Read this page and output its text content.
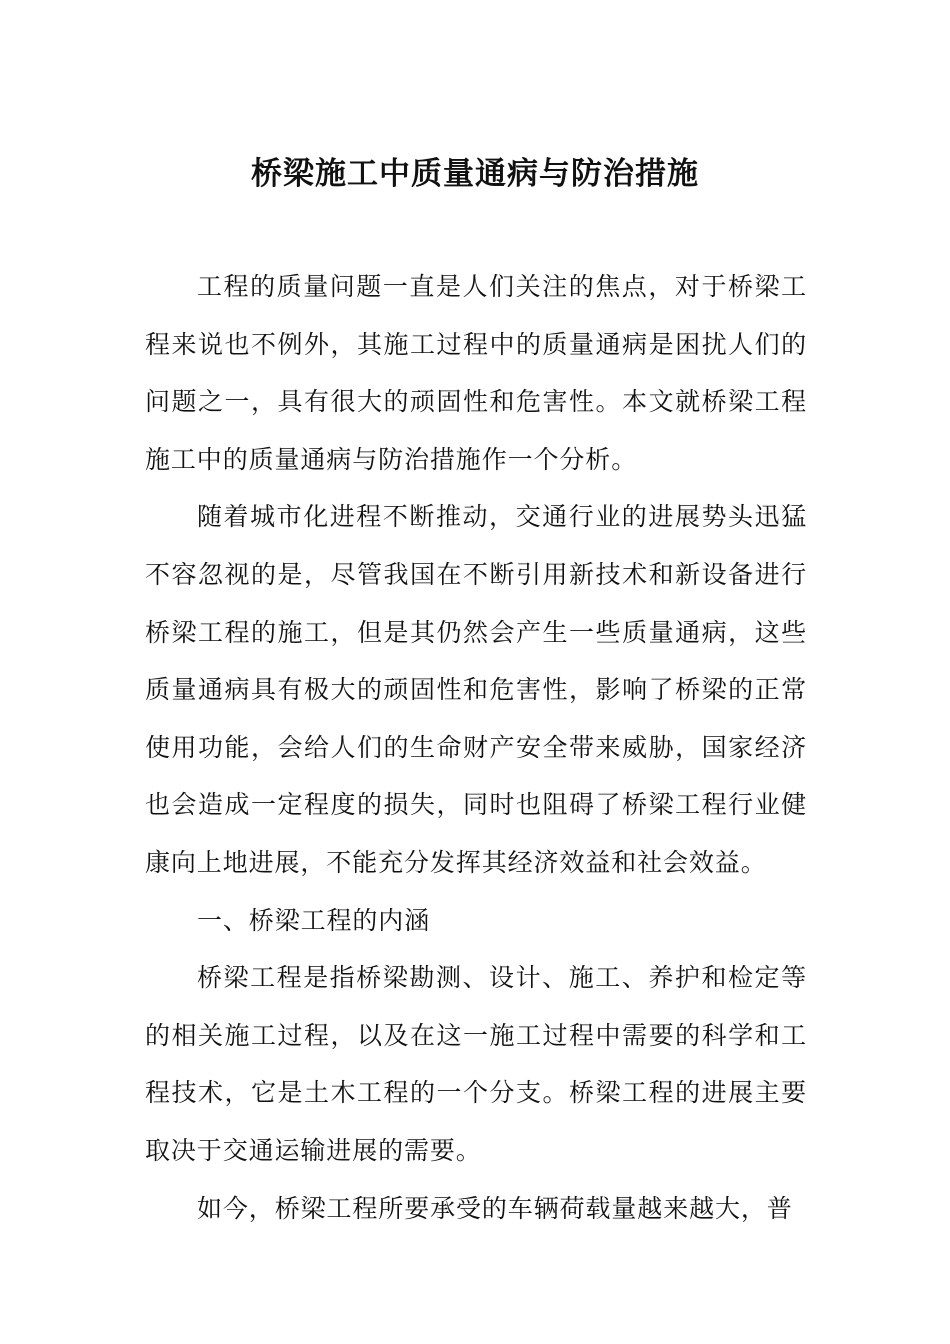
桥梁施工中质量通病与防治措施

工程的质量问题一直是人们关注的焦点，对于桥梁工程来说也不例外，其施工过程中的质量通病是困扰人们的问题之一，具有很大的顽固性和危害性。本文就桥梁工程施工中的质量通病与防治措施作一个分析。

随着城市化进程不断推动，交通行业的进展势头迅猛不容忽视的是，尽管我国在不断引用新技术和新设备进行桥梁工程的施工，但是其仍然会产生一些质量通病，这些质量通病具有极大的顽固性和危害性，影响了桥梁的正常使用功能，会给人们的生命财产安全带来威胁，国家经济也会造成一定程度的损失，同时也阻碍了桥梁工程行业健康向上地进展，不能充分发挥其经济效益和社会效益。

一、桥梁工程的内涵

桥梁工程是指桥梁勘测、设计、施工、养护和检定等的相关施工过程，以及在这一施工过程中需要的科学和工程技术，它是土木工程的一个分支。桥梁工程的进展主要取决于交通运输进展的需要。

如今，桥梁工程所要承受的车辆荷载量越来越大，普
